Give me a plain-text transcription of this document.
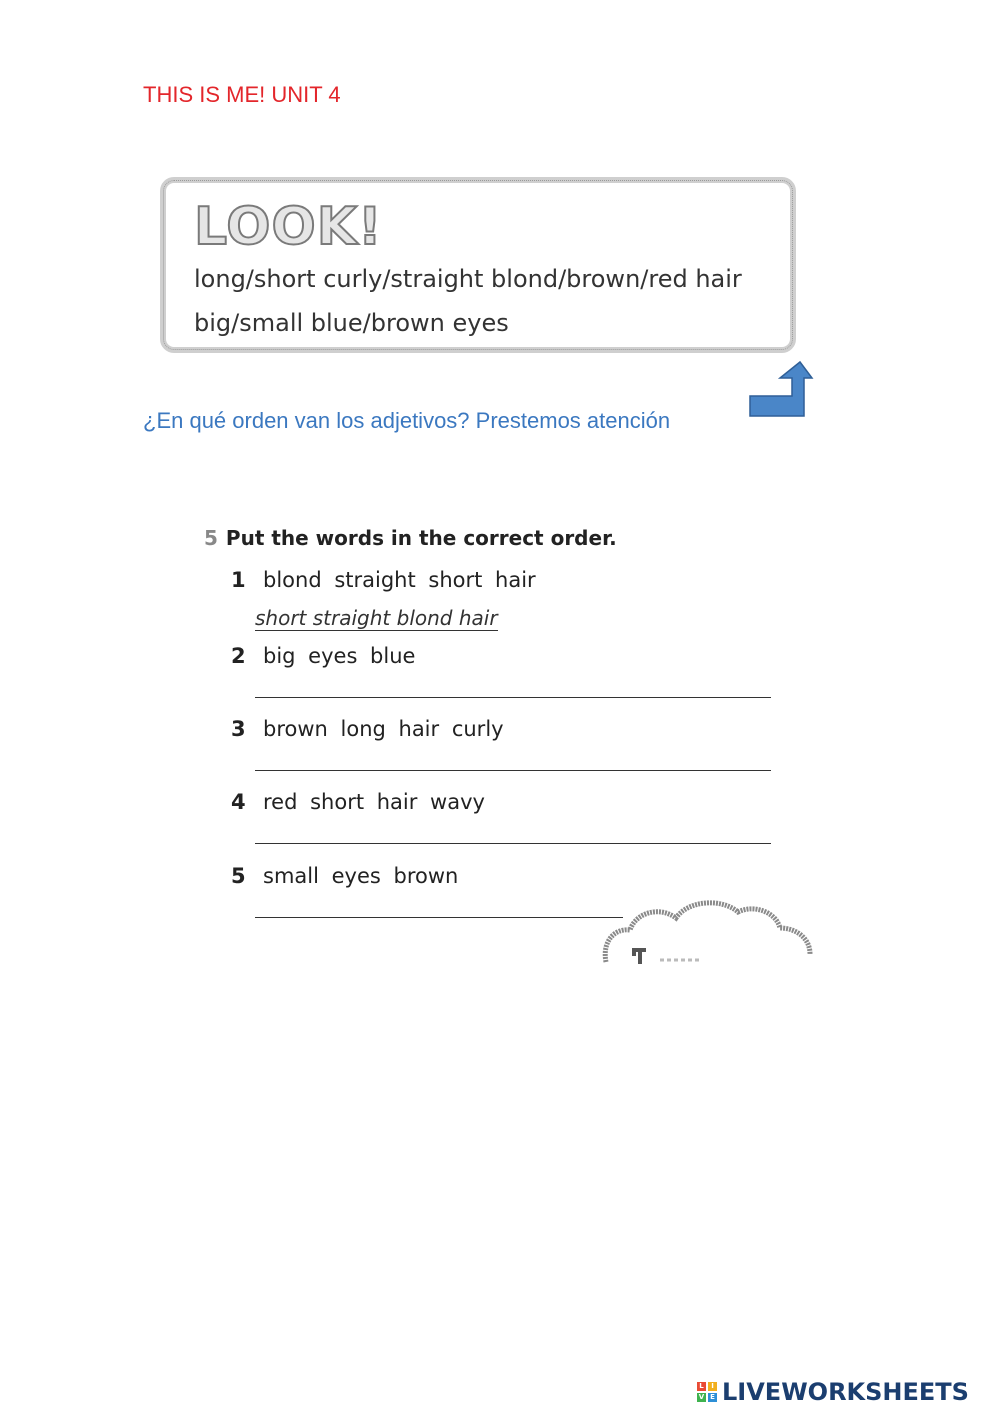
THIS IS ME! UNIT 4
LOOK!
long/short curly/straight blond/brown/red hair
big/small blue/brown eyes
¿En qué orden van los adjetivos? Prestemos atención
5 Put the words in the correct order.
1 blond straight short hair
short straight blond hair
2 big eyes blue
3 brown long hair curly
4 red short hair wavy
5 small eyes brown
L	I
V E LIVEWORKSHEETS
